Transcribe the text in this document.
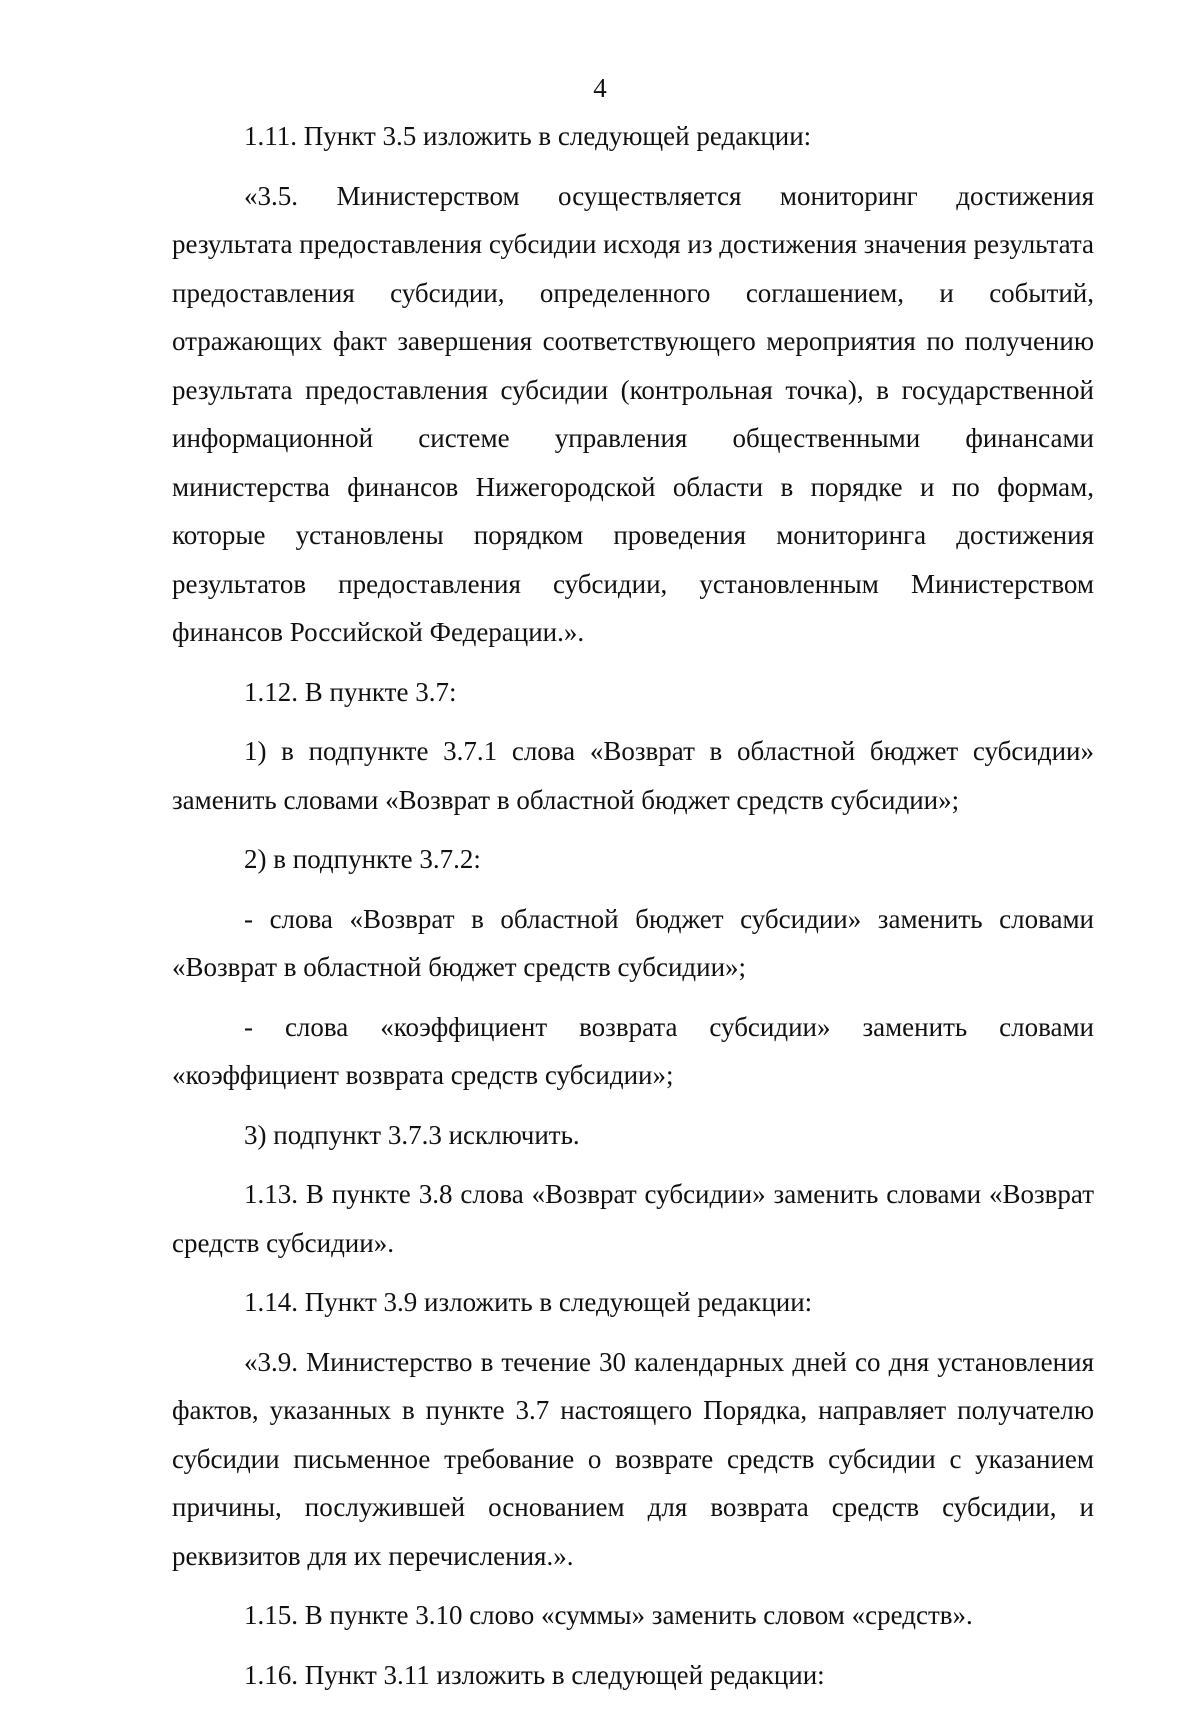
4

1.11. Пункт 3.5 изложить в следующей редакции:

«3.5. Министерством осуществляется мониторинг достижения результата предоставления субсидии исходя из достижения значения результата предоставления субсидии, определенного соглашением, и событий, отражающих факт завершения соответствующего мероприятия по получению результата предоставления субсидии (контрольная точка), в государственной информационной системе управления общественными финансами министерства финансов Нижегородской области в порядке и по формам, которые установлены порядком проведения мониторинга достижения результатов предоставления субсидии, установленным Министерством финансов Российской Федерации.».

1.12. В пункте 3.7:

1) в подпункте 3.7.1 слова «Возврат в областной бюджет субсидии» заменить словами «Возврат в областной бюджет средств субсидии»;

2) в подпункте 3.7.2:

- слова «Возврат в областной бюджет субсидии» заменить словами «Возврат в областной бюджет средств субсидии»;

- слова «коэффициент возврата субсидии» заменить словами «коэффициент возврата средств субсидии»;

3) подпункт 3.7.3 исключить.

1.13. В пункте 3.8 слова «Возврат субсидии» заменить словами «Возврат средств субсидии».

1.14. Пункт 3.9 изложить в следующей редакции:

«3.9. Министерство в течение 30 календарных дней со дня установления фактов, указанных в пункте 3.7 настоящего Порядка, направляет получателю субсидии письменное требование о возврате средств субсидии с указанием причины, послужившей основанием для возврата средств субсидии, и реквизитов для их перечисления.».

1.15. В пункте 3.10 слово «суммы» заменить словом «средств».

1.16. Пункт 3.11 изложить в следующей редакции:
